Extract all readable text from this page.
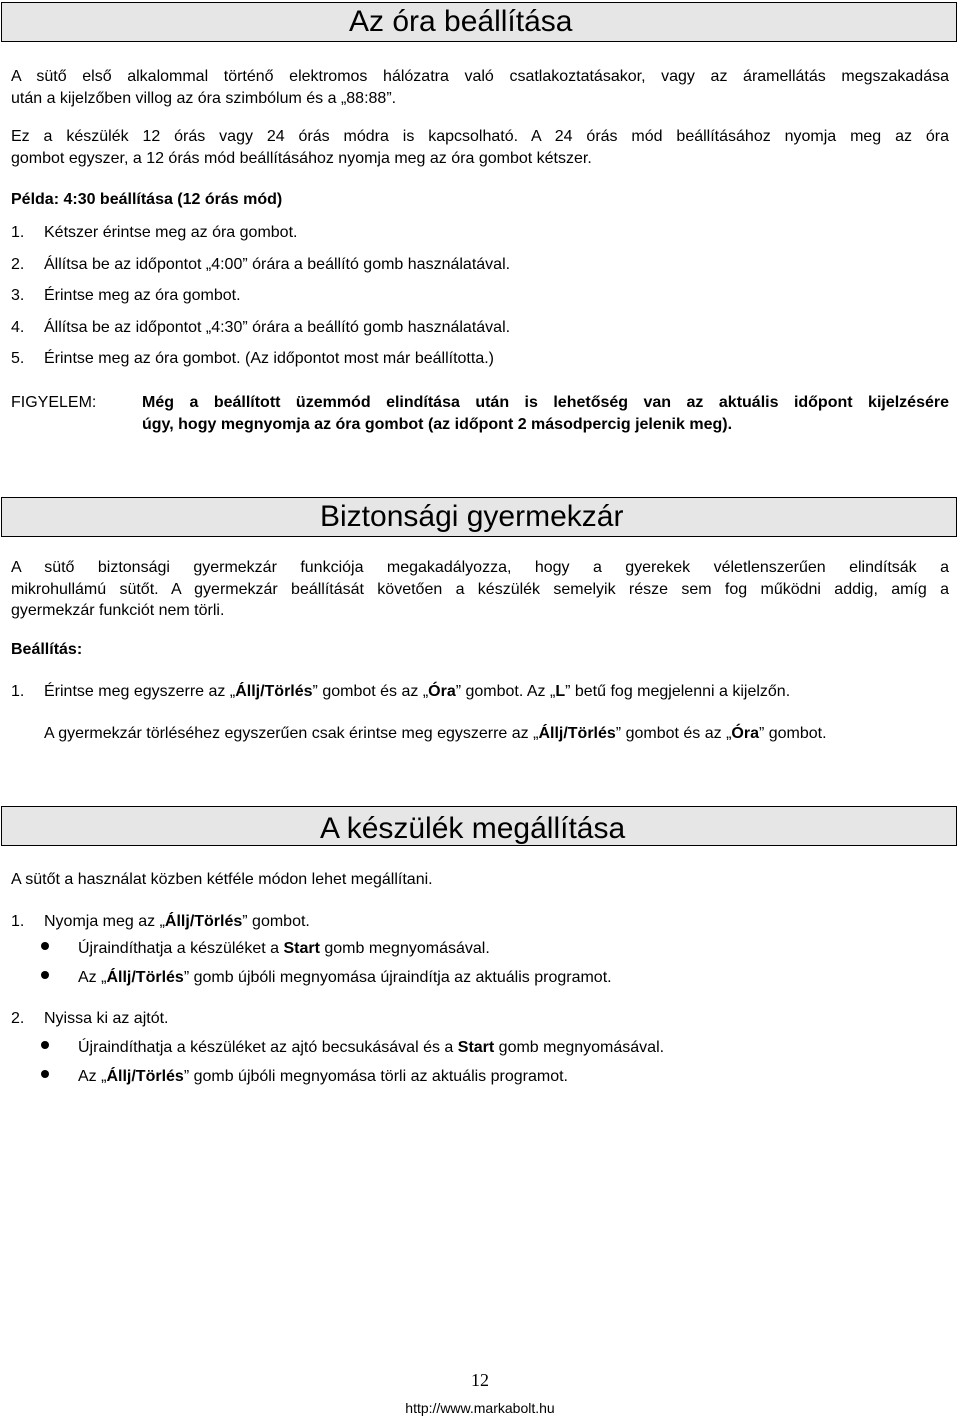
Az óra beállítása
A sütő első alkalommal történő elektromos hálózatra való csatlakoztatásakor, vagy az áramellátás megszakadása
után a kijelzőben villog az óra szimbólum és a „88:88”.
Ez a készülék 12 órás vagy 24 órás módra is kapcsolható. A 24 órás mód beállításához nyomja meg az óra
gombot egyszer, a 12 órás mód beállításához nyomja meg az óra gombot kétszer.
Példa: 4:30 beállítása (12 órás mód)
1. Kétszer érintse meg az óra gombot.
2. Állítsa be az időpontot „4:00” órára a beállító gomb használatával.
3. Érintse meg az óra gombot.
4. Állítsa be az időpontot „4:30” órára a beállító gomb használatával.
5. Érintse meg az óra gombot. (Az időpontot most már beállította.)
FIGYELEM:	Még a beállított üzemmód elindítása után is lehetőség van az aktuális időpont kijelzésére
úgy, hogy megnyomja az óra gombot (az időpont 2 másodpercig jelenik meg).
Biztonsági gyermekzár
A sütő biztonsági gyermekzár funkciója megakadályozza, hogy a gyerekek véletlenszerűen elindítsák a
mikrohullámú sütőt. A gyermekzár beállítását követően a készülék semelyik része sem fog működni addig, amíg a
gyermekzár funkciót nem törli.
Beállítás:
1. Érintse meg egyszerre az „Állj/Törlés” gombot és az „Óra” gombot. Az „L” betű fog megjelenni a kijelzőn.
A gyermekzár törléséhez egyszerűen csak érintse meg egyszerre az „Állj/Törlés” gombot és az „Óra” gombot.
A készülék megállítása
A sütőt a használat közben kétféle módon lehet megállítani.
1. Nyomja meg az „Állj/Törlés” gombot.
Újraindíthatja a készüléket a Start gomb megnyomásával.
Az „Állj/Törlés” gomb újbóli megnyomása újraindítja az aktuális programot.
2. Nyissa ki az ajtót.
Újraindíthatja a készüléket az ajtó becsukásával és a Start gomb megnyomásával.
Az „Állj/Törlés” gomb újbóli megnyomása törli az aktuális programot.
12
http://www.markabolt.hu
